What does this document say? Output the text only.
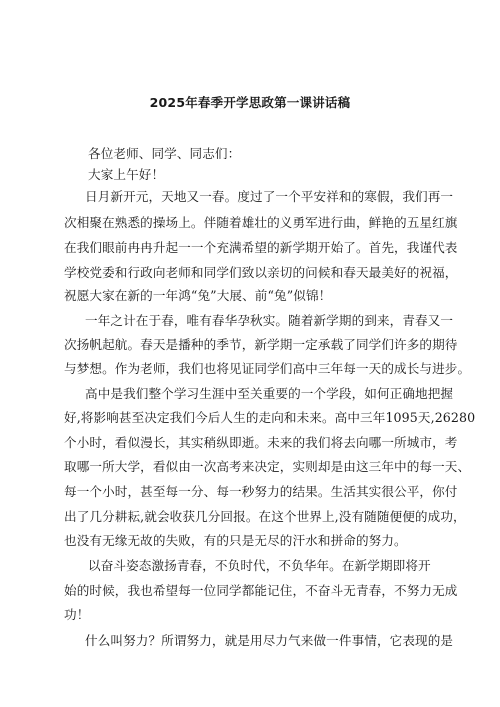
2025年春季开学思政第一课讲话稿
各位老师、同学、同志们：
大家上午好！
日月新开元，天地又一春。度过了一个平安祥和的寒假，我们再一
次相聚在熟悉的操场上。伴随着雄壮的义勇军进行曲，鲜艳的五星红旗
在我们眼前冉冉升起一一个充满希望的新学期开始了。首先，我谨代表
学校党委和行政向老师和同学们致以亲切的问候和春天最美好的祝福，
祝愿大家在新的一年鸿“兔”大展、前“兔”似锦！
一年之计在于春，唯有春华孕秋实。随着新学期的到来，青春又一
次扬帆起航。春天是播种的季节，新学期一定承载了同学们许多的期待
与梦想。作为老师，我们也将见证同学们高中三年每一天的成长与进步。
高中是我们整个学习生涯中至关重要的一个学段，如何正确地把握
好,将影响甚至决定我们今后人生的走向和未来。高中三年1095天,26280
个小时，看似漫长，其实稍纵即逝。未来的我们将去向哪一所城市，考
取哪一所大学，看似由一次高考来决定，实则却是由这三年中的每一天、
每一个小时，甚至每一分、每一秒努力的结果。生活其实很公平，你付
出了几分耕耘,就会收获几分回报。在这个世界上,没有随随便便的成功，
也没有无缘无故的失败，有的只是无尽的汗水和拼命的努力。
以奋斗姿态激扬青春，不负时代，不负华年。在新学期即将开
始的时候，我也希望每一位同学都能记住，不奋斗无青春，不努力无成
功！
什么叫努力？所谓努力，就是用尽力气来做一件事情，它表现的是
